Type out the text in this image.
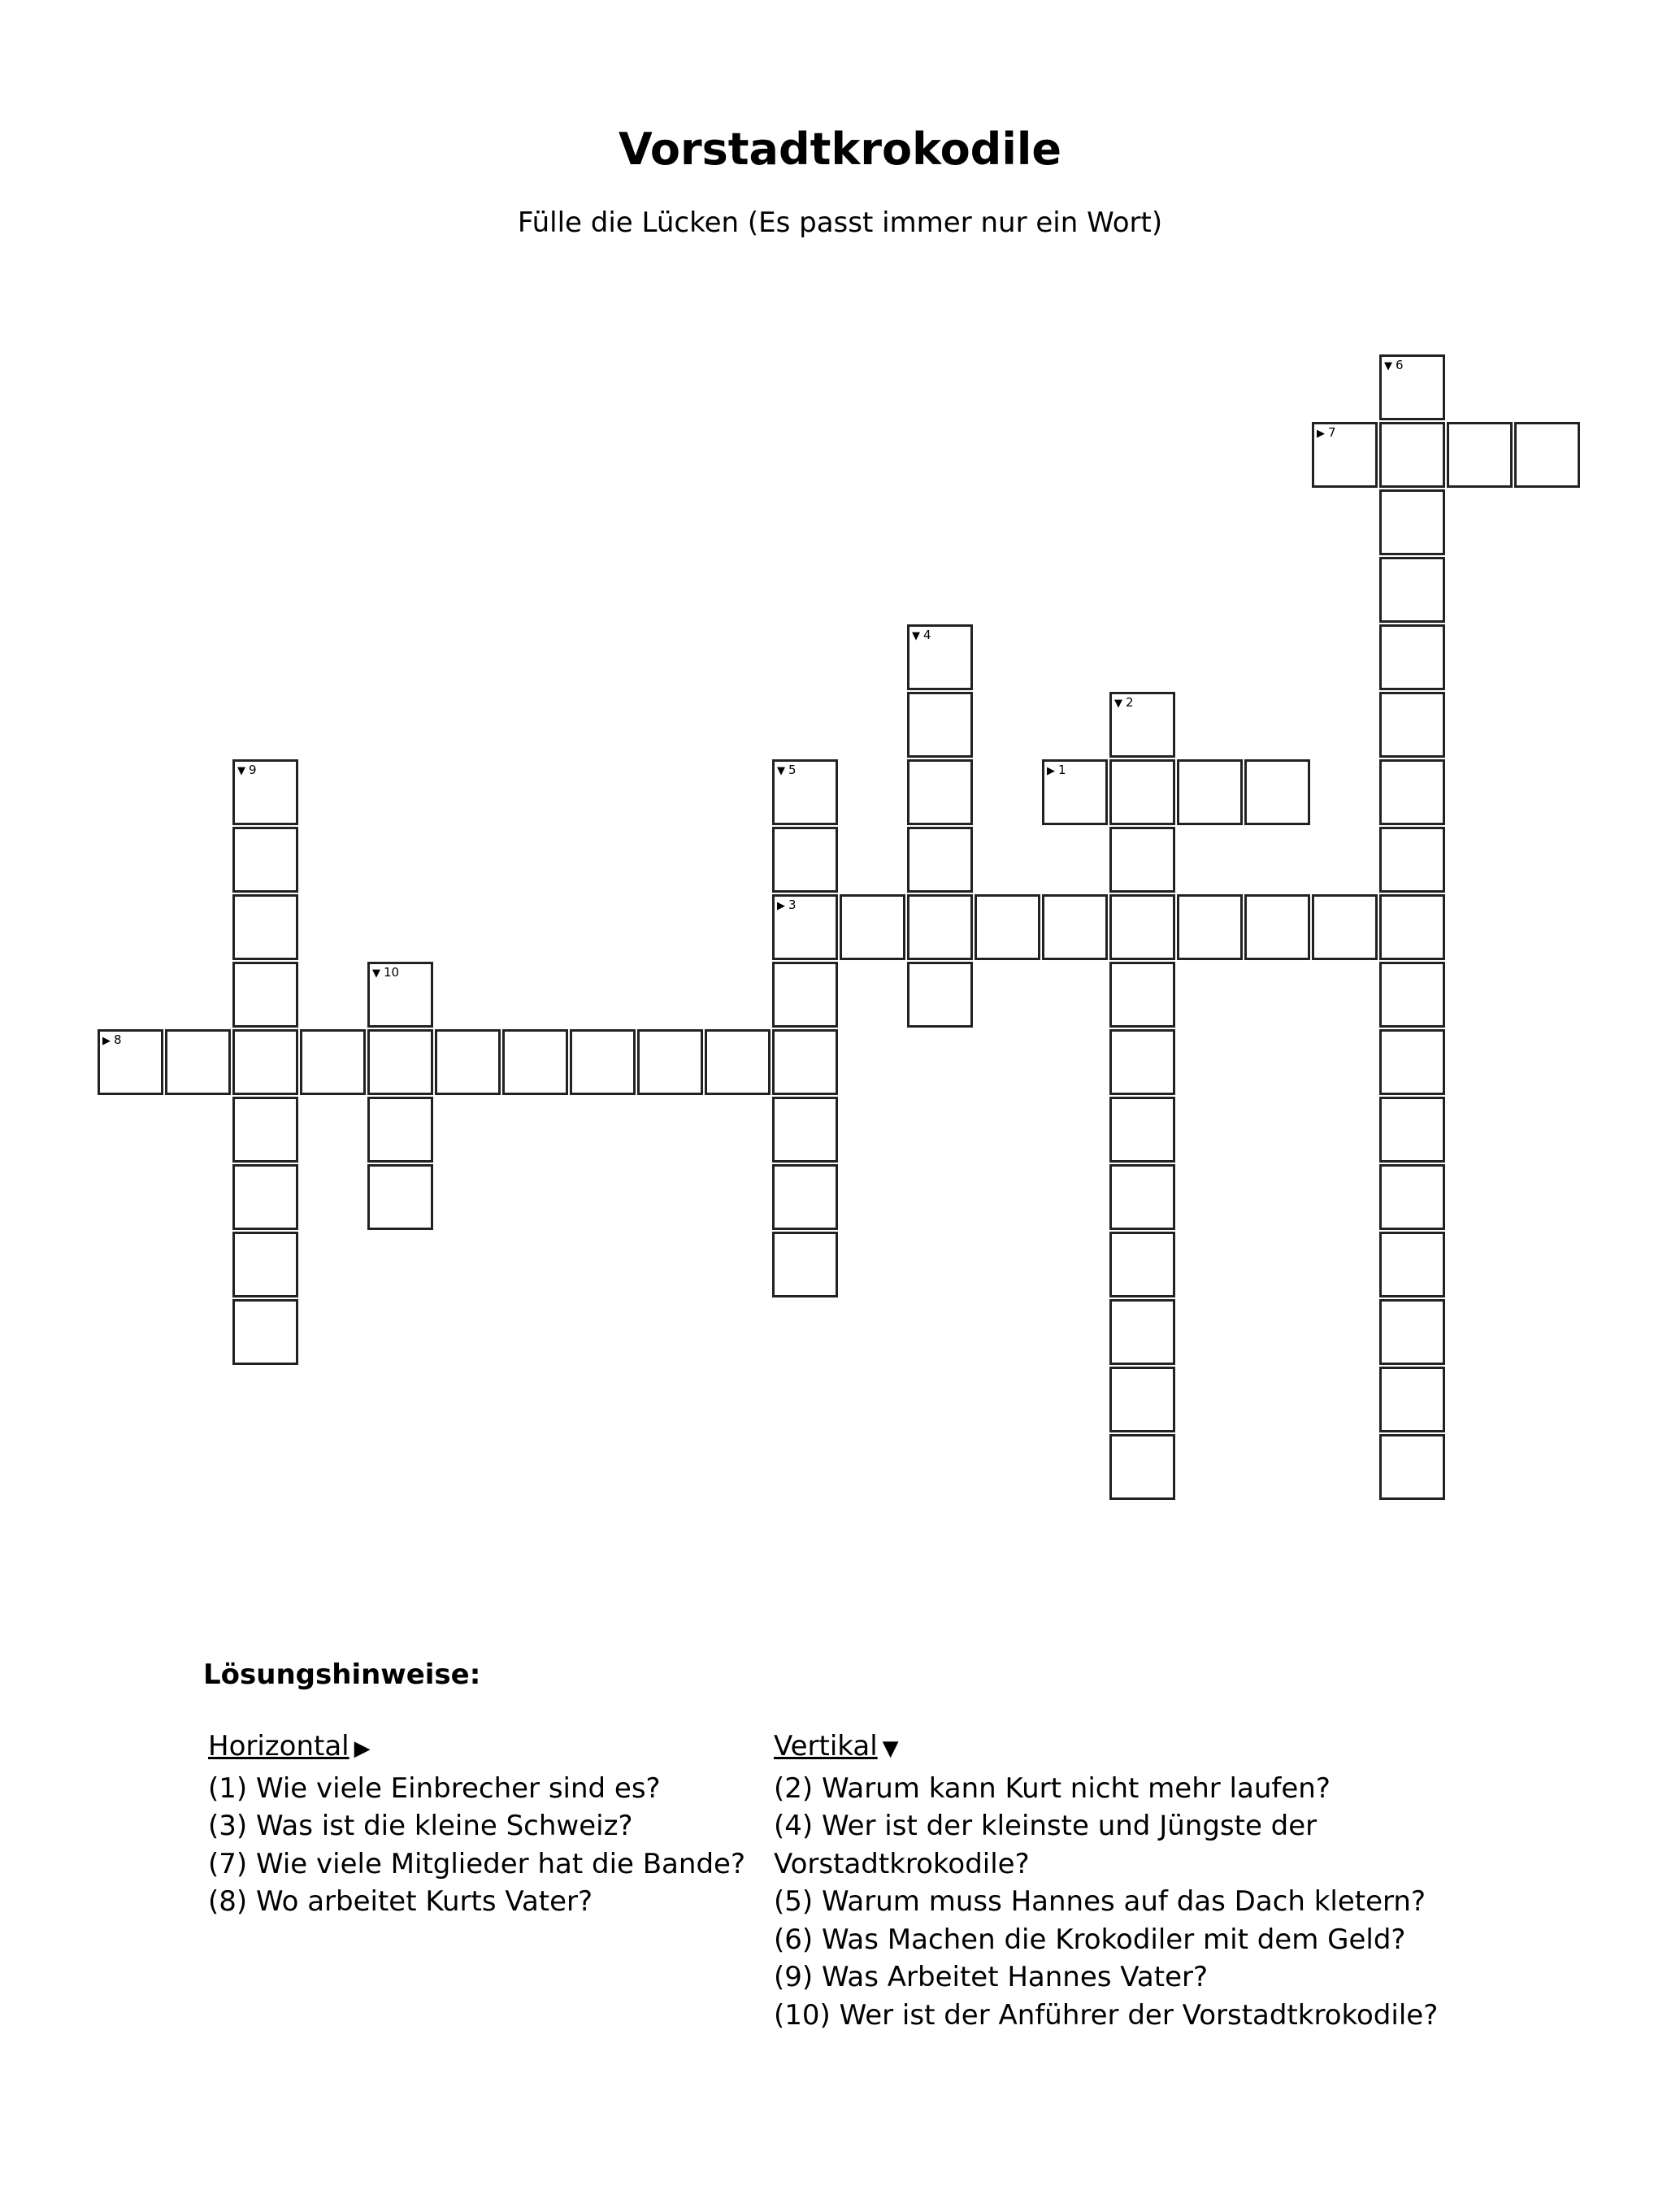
Vorstadtkrokodile
Fülle die Lücken (Es passt immer nur ein Wort)
▶ 1
▼ 2
▶ 3
▼ 4
▼ 5
▼ 6
▶ 7
▶ 8
▼ 9
▼ 10
Lösungshinweise:
Horizontal ▶
(1) Wie viele Einbrecher sind es?
(3) Was ist die kleine Schweiz?
(7) Wie viele Mitglieder hat die Bande?
(8) Wo arbeitet Kurts Vater?
Vertikal ▼
(2) Warum kann Kurt nicht mehr laufen?
(4) Wer ist der kleinste und Jüngste der
Vorstadtkrokodile?
(5) Warum muss Hannes auf das Dach kletern?
(6) Was Machen die Krokodiler mit dem Geld?
(9) Was Arbeitet Hannes Vater?
(10) Wer ist der Anführer der Vorstadtkrokodile?
